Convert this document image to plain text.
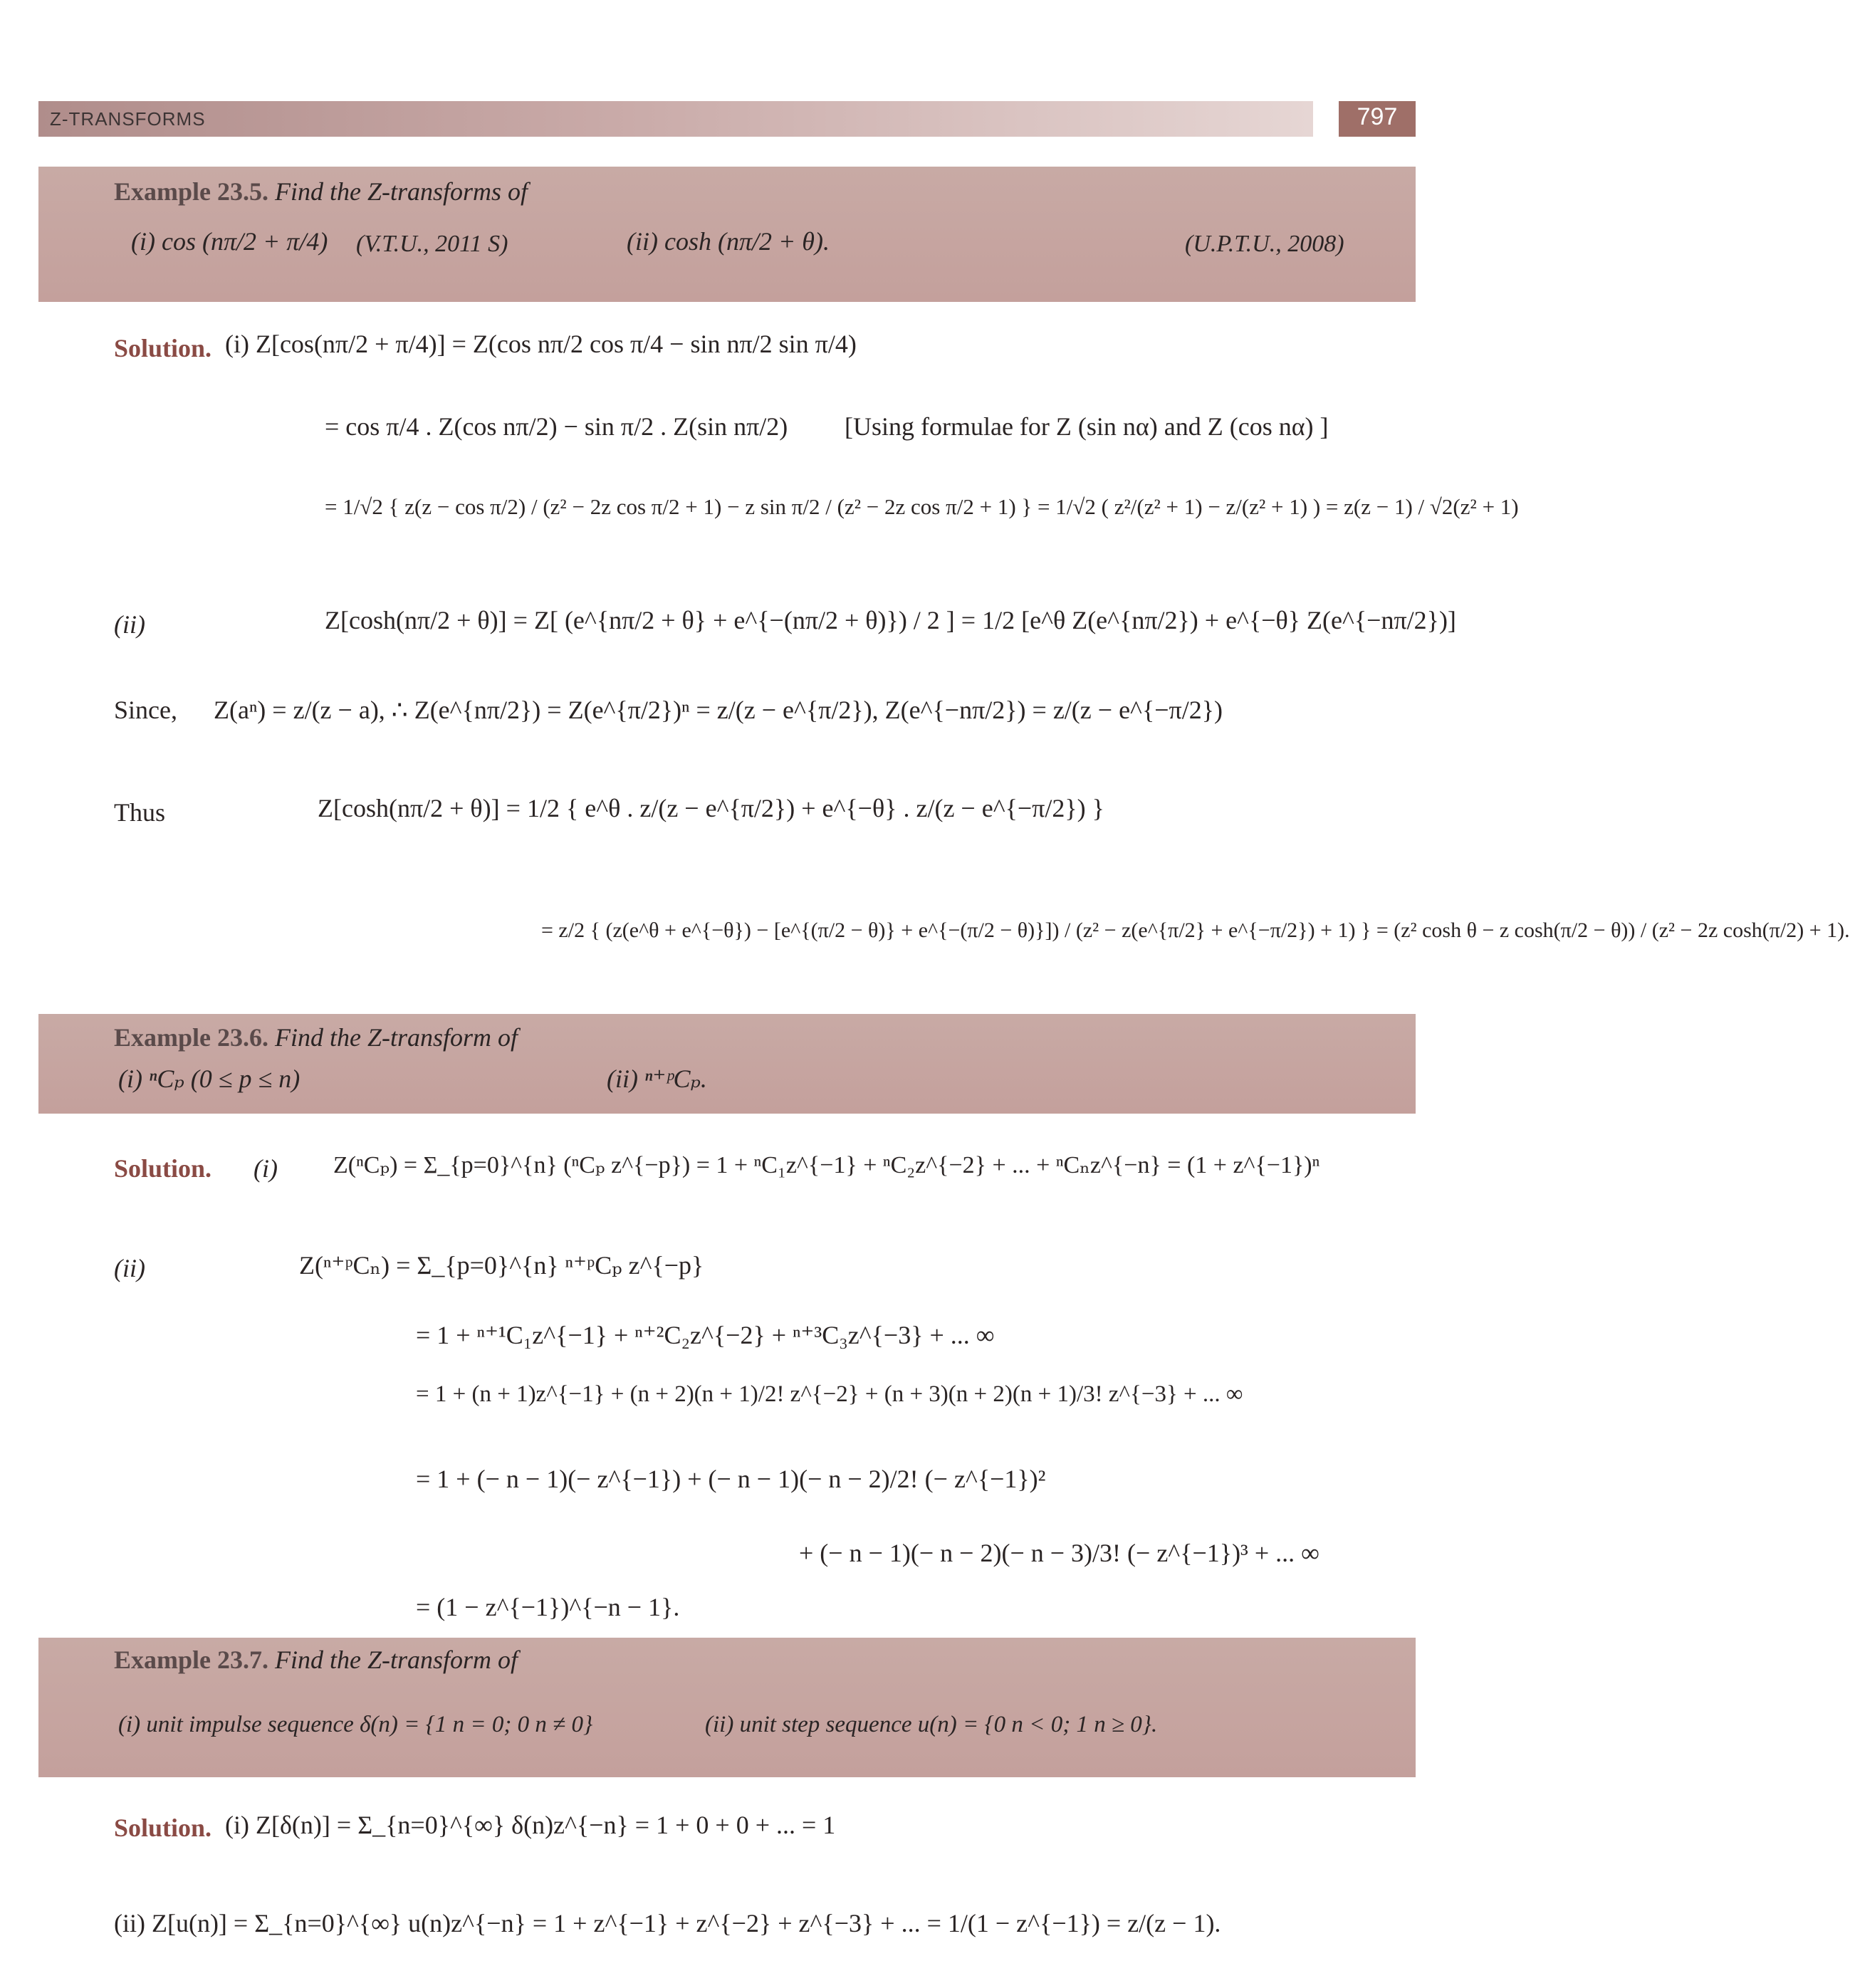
Z-TRANSFORMS	797
Example 23.5. Find the Z-transforms of
(i) cos (nπ/2 + π/4) (V.T.U., 2011 S)	(ii) cosh (nπ/2 + θ).	(U.P.T.U., 2008)
Solution. (i) Z[cos(nπ/2 + π/4)] = Z(cos nπ/2 cos π/4 − sin nπ/2 sin π/4)
= cos π/4 . Z(cos nπ/2) − sin π/2 . Z(sin nπ/2) [Using formulae for Z (sin nα) and Z (cos nα) ]
= 1/√2 { z(z − cos π/2) / (z² − 2z cos π/2 + 1) − z sin π/2 / (z² − 2z cos π/2 + 1) } = 1/√2 ( z²/(z² + 1) − z/(z² + 1) ) = z(z − 1) / √2(z² + 1)
(ii)	Z[cosh(nπ/2 + θ)] = Z[ (e^{nπ/2 + θ} + e^{−(nπ/2 + θ)}) / 2 ] = 1/2 [e^θ Z(e^{nπ/2}) + e^{−θ} Z(e^{−nπ/2})]
Since, Z(aⁿ) = z/(z − a), ∴ Z(e^{nπ/2}) = Z(e^{π/2})ⁿ = z/(z − e^{π/2}), Z(e^{−nπ/2}) = z/(z − e^{−π/2})
Thus	Z[cosh(nπ/2 + θ)] = 1/2 { e^θ . z/(z − e^{π/2}) + e^{−θ} . z/(z − e^{−π/2}) }
= z/2 { (z(e^θ + e^{−θ}) − [e^{(π/2 − θ)} + e^{−(π/2 − θ)}]) / (z² − z(e^{π/2} + e^{−π/2}) + 1) } = (z² cosh θ − z cosh(π/2 − θ)) / (z² − 2z cosh(π/2) + 1).
Example 23.6. Find the Z-transform of
(i) ⁿCₚ (0 ≤ p ≤ n)	(ii) ⁿ⁺ᵖCₚ.
Solution. (i) Z(ⁿCₚ) = Σ_{p=0}^{n} (ⁿCₚ z^{−p}) = 1 + ⁿC₁z^{−1} + ⁿC₂z^{−2} + ... + ⁿCₙz^{−n} = (1 + z^{−1})ⁿ
(ii)	Z(ⁿ⁺ᵖCₙ) = Σ_{p=0}^{n} ⁿ⁺ᵖCₚ z^{−p}
= 1 + ⁿ⁺¹C₁z^{−1} + ⁿ⁺²C₂z^{−2} + ⁿ⁺³C₃z^{−3} + ... ∞
= 1 + (n + 1)z^{−1} + (n + 2)(n + 1)/2! z^{−2} + (n + 3)(n + 2)(n + 1)/3! z^{−3} + ... ∞
= 1 + (− n − 1)(− z^{−1}) + (− n − 1)(− n − 2)/2! (− z^{−1})²
+ (− n − 1)(− n − 2)(− n − 3)/3! (− z^{−1})³ + ... ∞
= (1 − z^{−1})^{−n − 1}.
Example 23.7. Find the Z-transform of
(i) unit impulse sequence δ(n) = {1 n = 0; 0 n ≠ 0}	(ii) unit step sequence u(n) = {0 n < 0; 1 n ≥ 0}.
Solution. (i) Z[δ(n)] = Σ_{n=0}^{∞} δ(n)z^{−n} = 1 + 0 + 0 + ... = 1
(ii) Z[u(n)] = Σ_{n=0}^{∞} u(n)z^{−n} = 1 + z^{−1} + z^{−2} + z^{−3} + ... = 1/(1 − z^{−1}) = z/(z − 1).
